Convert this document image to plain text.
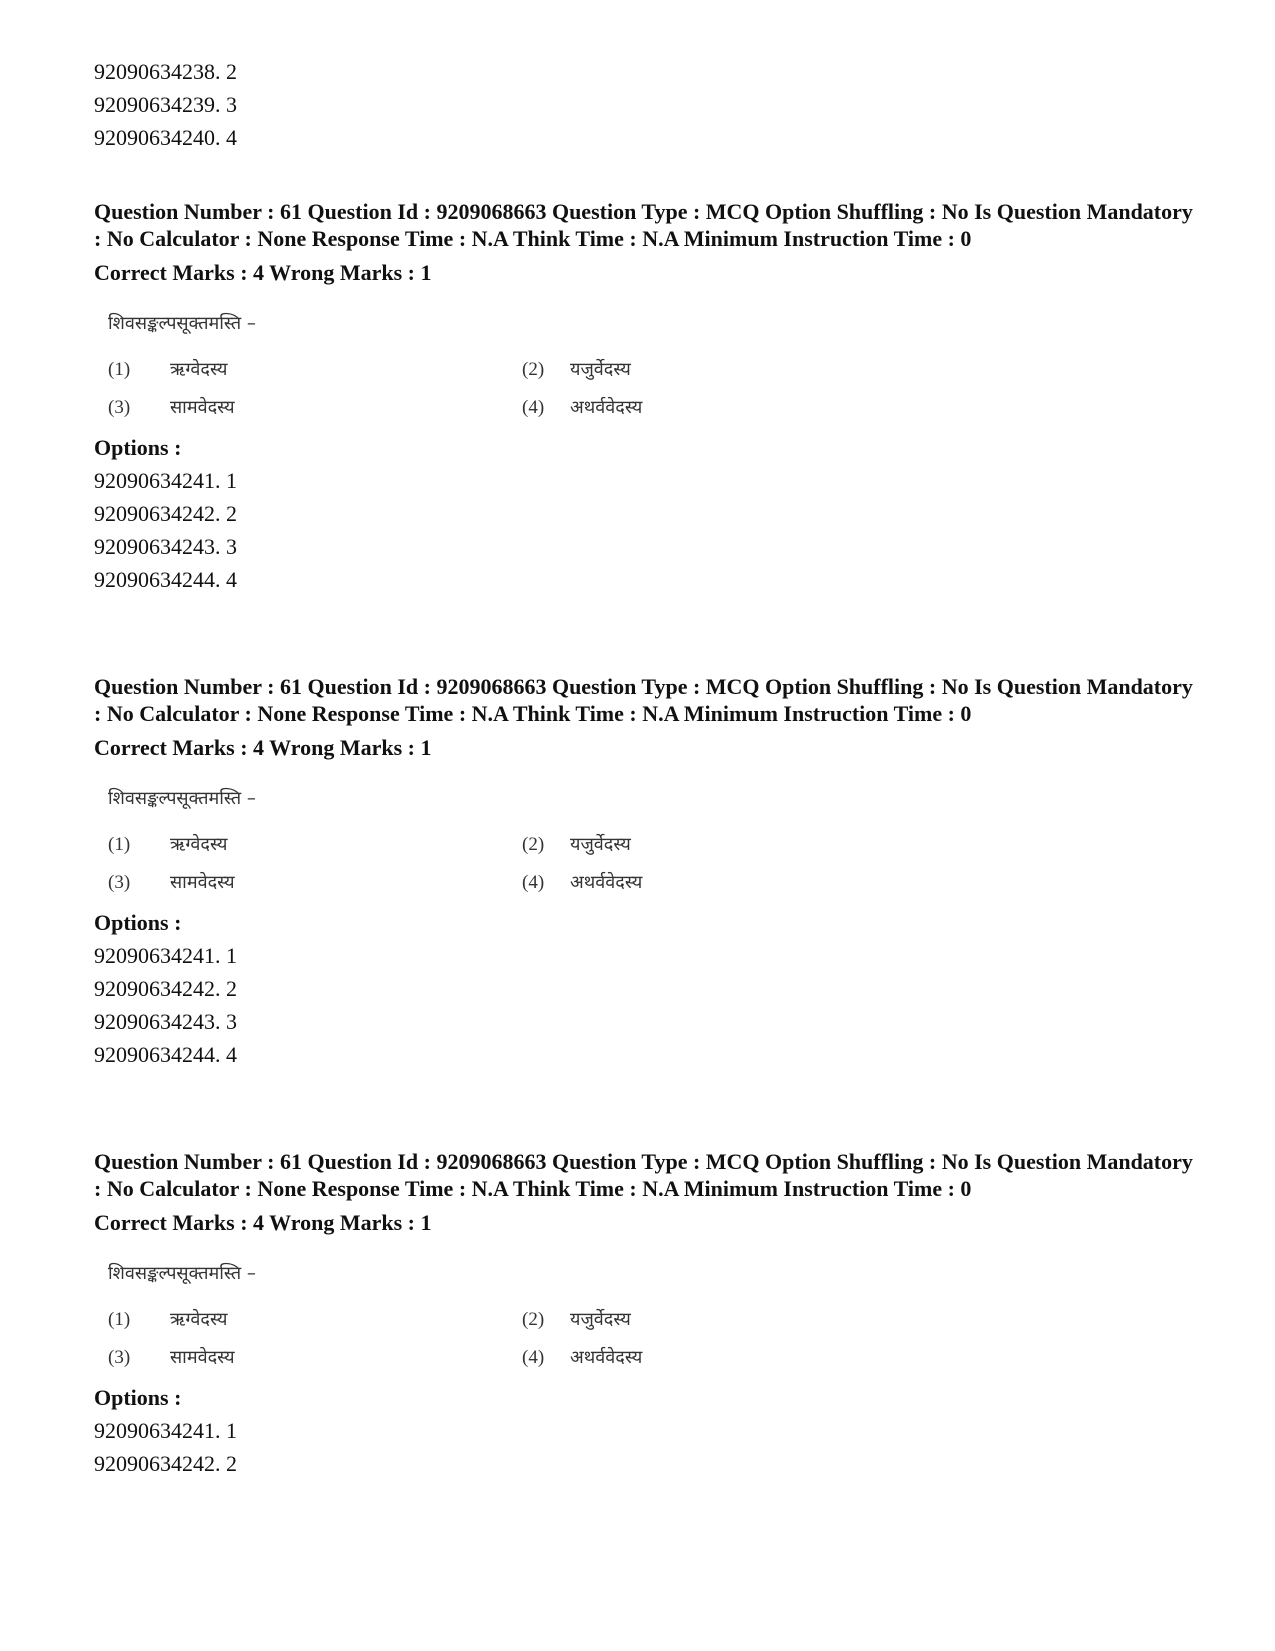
92090634238. 2
92090634239. 3
92090634240. 4
Question Number : 61 Question Id : 9209068663 Question Type : MCQ Option Shuffling : No Is Question Mandatory : No Calculator : None Response Time : N.A Think Time : N.A Minimum Instruction Time : 0
Correct Marks : 4 Wrong Marks : 1
शिवसङ्कल्पसूक्तमस्ति –
(1) ऋग्वेदस्य	(2) यजुर्वेदस्य
(3) सामवेदस्य	(4) अथर्ववेदस्य
Options :
92090634241. 1
92090634242. 2
92090634243. 3
92090634244. 4
Question Number : 61 Question Id : 9209068663 Question Type : MCQ Option Shuffling : No Is Question Mandatory : No Calculator : None Response Time : N.A Think Time : N.A Minimum Instruction Time : 0
Correct Marks : 4 Wrong Marks : 1
शिवसङ्कल्पसूक्तमस्ति –
(1) ऋग्वेदस्य	(2) यजुर्वेदस्य
(3) सामवेदस्य	(4) अथर्ववेदस्य
Options :
92090634241. 1
92090634242. 2
92090634243. 3
92090634244. 4
Question Number : 61 Question Id : 9209068663 Question Type : MCQ Option Shuffling : No Is Question Mandatory : No Calculator : None Response Time : N.A Think Time : N.A Minimum Instruction Time : 0
Correct Marks : 4 Wrong Marks : 1
शिवसङ्कल्पसूक्तमस्ति –
(1) ऋग्वेदस्य	(2) यजुर्वेदस्य
(3) सामवेदस्य	(4) अथर्ववेदस्य
Options :
92090634241. 1
92090634242. 2
